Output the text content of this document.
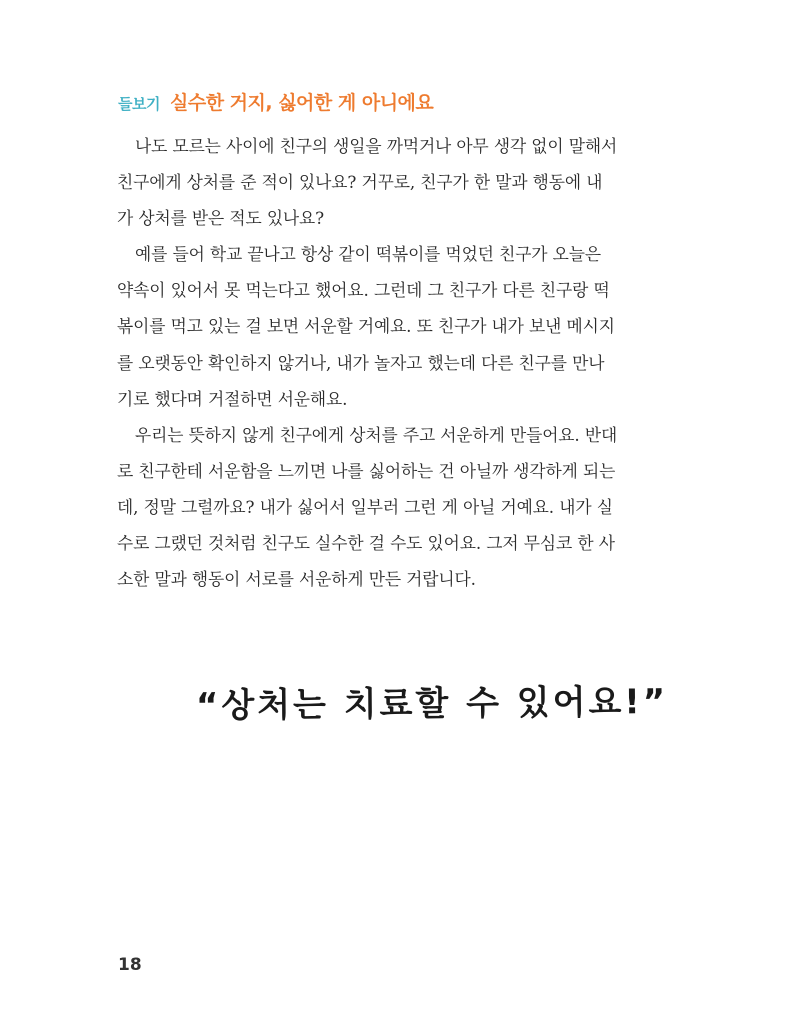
들보기 실수한 거지, 싫어한 게 아니에요
나도 모르는 사이에 친구의 생일을 까먹거나 아무 생각 없이 말해서
친구에게 상처를 준 적이 있나요? 거꾸로, 친구가 한 말과 행동에 내
가 상처를 받은 적도 있나요?
예를 들어 학교 끝나고 항상 같이 떡볶이를 먹었던 친구가 오늘은
약속이 있어서 못 먹는다고 했어요. 그런데 그 친구가 다른 친구랑 떡
볶이를 먹고 있는 걸 보면 서운할 거예요. 또 친구가 내가 보낸 메시지
를 오랫동안 확인하지 않거나, 내가 놀자고 했는데 다른 친구를 만나
기로 했다며 거절하면 서운해요.
우리는 뜻하지 않게 친구에게 상처를 주고 서운하게 만들어요. 반대
로 친구한테 서운함을 느끼면 나를 싫어하는 건 아닐까 생각하게 되는
데, 정말 그럴까요? 내가 싫어서 일부러 그런 게 아닐 거예요. 내가 실
수로 그랬던 것처럼 친구도 실수한 걸 수도 있어요. 그저 무심코 한 사
소한 말과 행동이 서로를 서운하게 만든 거랍니다.
“상처는 치료할 수 있어요!”
18
